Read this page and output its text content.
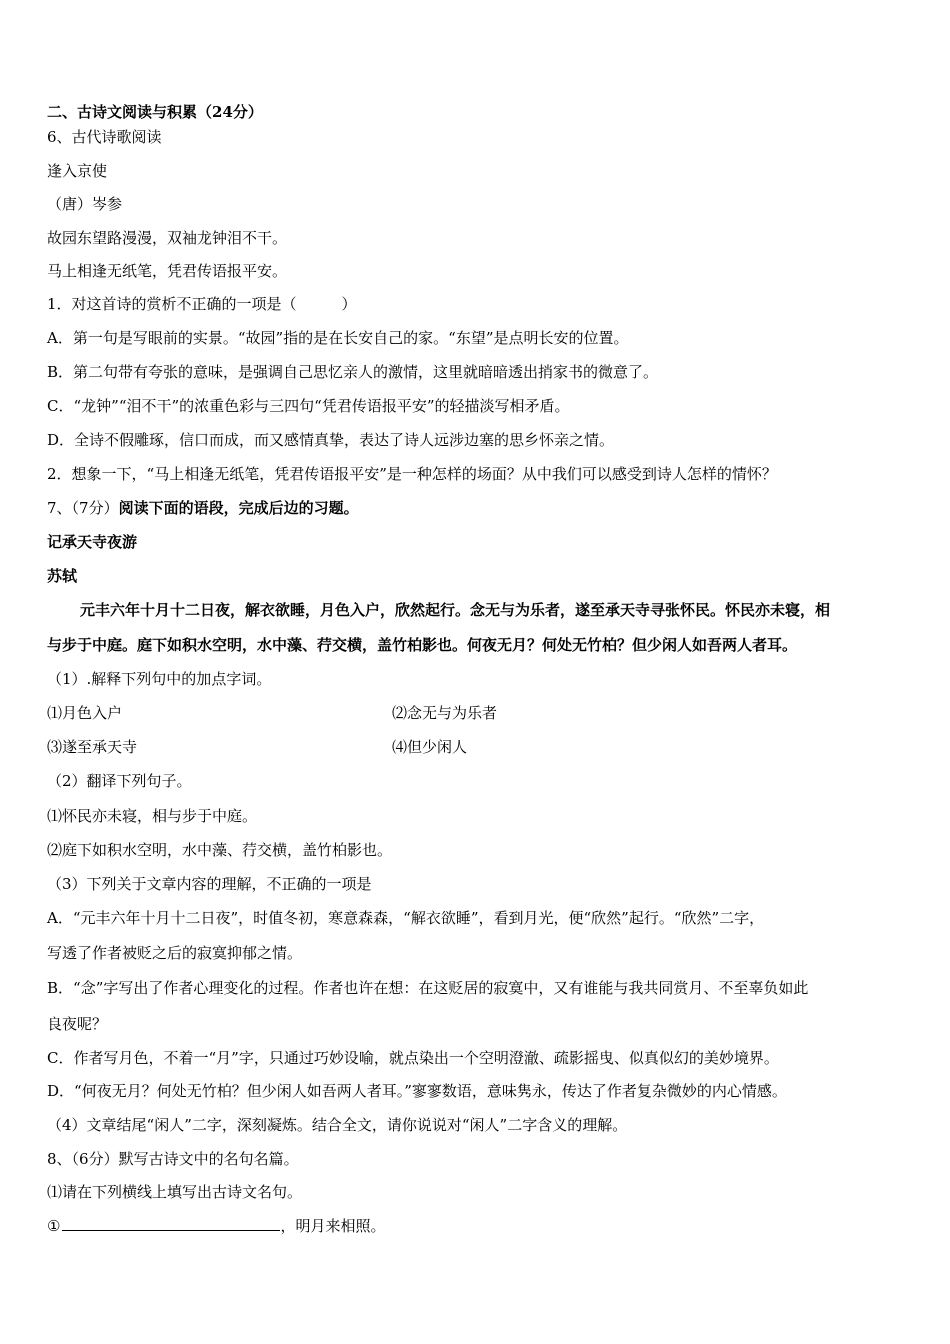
二、古诗文阅读与积累（24分）
6、古代诗歌阅读
逢入京使
（唐）岑参
故园东望路漫漫，双袖龙钟泪不干。
马上相逢无纸笔，凭君传语报平安。
1．对这首诗的赏析不正确的一项是（　　　）
A．第一句是写眼前的实景。“故园”指的是在长安自己的家。“东望”是点明长安的位置。
B．第二句带有夸张的意味，是强调自己思忆亲人的激情，这里就暗暗透出捎家书的微意了。
C．“龙钟”“泪不干”的浓重色彩与三四句“凭君传语报平安”的轻描淡写相矛盾。
D．全诗不假雕琢，信口而成，而又感情真挚，表达了诗人远涉边塞的思乡怀亲之情。
2．想象一下，“马上相逢无纸笔，凭君传语报平安”是一种怎样的场面？从中我们可以感受到诗人怎样的情怀？
7、（7分）阅读下面的语段，完成后边的习题。
记承天寺夜游
苏轼
元丰六年十月十二日夜，解衣欲睡，月色入户，欣然起行。念无与为乐者，遂至承天寺寻张怀民。怀民亦未寝，相
与步于中庭。庭下如积水空明，水中藻、荇交横，盖竹柏影也。何夜无月？何处无竹柏？但少闲人如吾两人者耳。
（1）.解释下列句中的加点字词。
⑴月色入户	⑵念无与为乐者
⑶遂至承天寺	⑷但少闲人
（2）翻译下列句子。
⑴怀民亦未寝，相与步于中庭。
⑵庭下如积水空明，水中藻、荇交横，盖竹柏影也。
（3）下列关于文章内容的理解，不正确的一项是
A．“元丰六年十月十二日夜”，时值冬初，寒意森森，“解衣欲睡”，看到月光，便“欣然”起行。“欣然”二字，
写透了作者被贬之后的寂寞抑郁之情。
B．“念”字写出了作者心理变化的过程。作者也许在想：在这贬居的寂寞中，又有谁能与我共同赏月、不至辜负如此
良夜呢？
C．作者写月色，不着一“月”字，只通过巧妙设喻，就点染出一个空明澄澈、疏影摇曳、似真似幻的美妙境界。
D．“何夜无月？何处无竹柏？但少闲人如吾两人者耳。”寥寥数语，意味隽永，传达了作者复杂微妙的内心情感。
（4）文章结尾“闲人”二字，深刻凝炼。结合全文，请你说说对“闲人”二字含义的理解。
8、（6分）默写古诗文中的名句名篇。
⑴请在下列横线上填写出古诗文名句。
①	，明月来相照。
